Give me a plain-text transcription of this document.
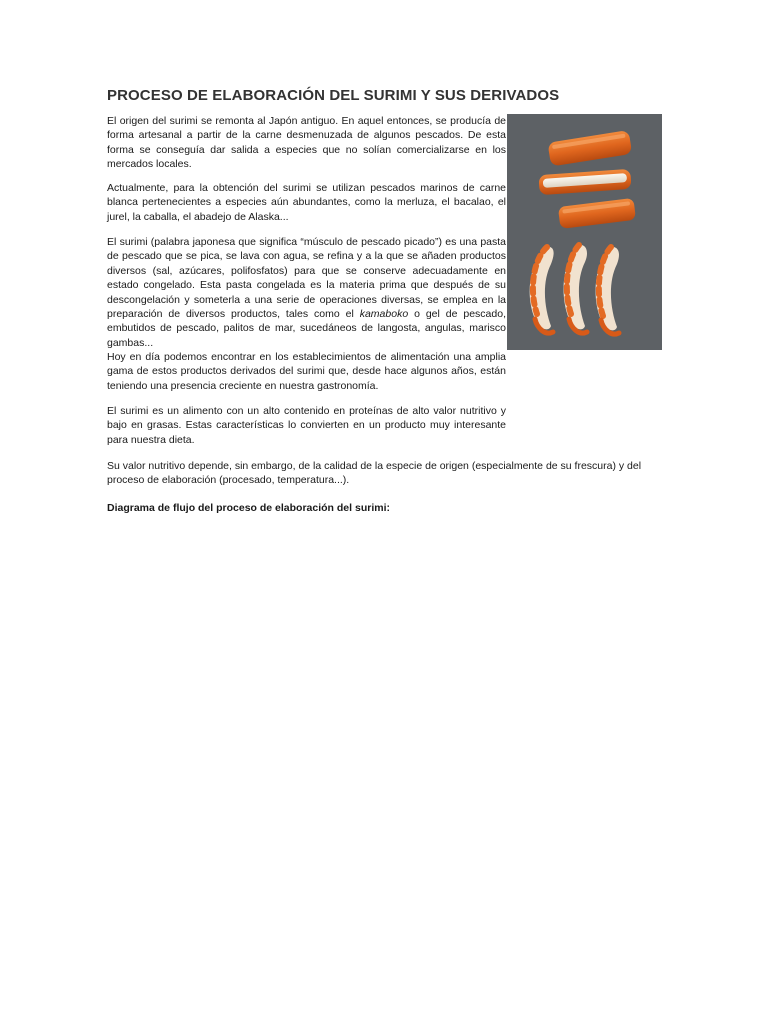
PROCESO DE ELABORACIÓN DEL SURIMI Y SUS DERIVADOS

El origen del surimi se remonta al Japón antiguo. En aquel entonces, se producía de forma artesanal a partir de la carne desmenuzada de algunos pescados. De esta forma se conseguía dar salida a especies que no solían comercializarse en los mercados locales.

Actualmente, para la obtención del surimi se utilizan pescados marinos de carne blanca pertenecientes a especies aún abundantes, como la merluza, el bacalao, el jurel, la caballa, el abadejo de Alaska...

El surimi (palabra japonesa que significa “músculo de pescado picado”) es una pasta de pescado que se pica, se lava con agua, se refina y a la que se añaden productos diversos (sal, azúcares, polifosfatos) para que se conserve adecuadamente en estado congelado. Esta pasta congelada es la materia prima que después de su descongelación y someterla a una serie de operaciones diversas, se emplea en la preparación de diversos productos, tales como el kamaboko o gel de pescado, embutidos de pescado, palitos de mar, sucedáneos de langosta, angulas, marisco gambas...

Hoy en día podemos encontrar en los establecimientos de alimentación una amplia gama de estos productos derivados del surimi que, desde hace algunos años, están teniendo una presencia creciente en nuestra gastronomía.

El surimi es un alimento con un alto contenido en proteínas de alto valor nutritivo y bajo en grasas. Estas características lo convierten en un producto muy interesante para nuestra dieta.

Su valor nutritivo depende, sin embargo, de la calidad de la especie de origen (especialmente de su frescura) y del proceso de elaboración (procesado, temperatura...).

Diagrama de flujo del proceso de elaboración del surimi:
